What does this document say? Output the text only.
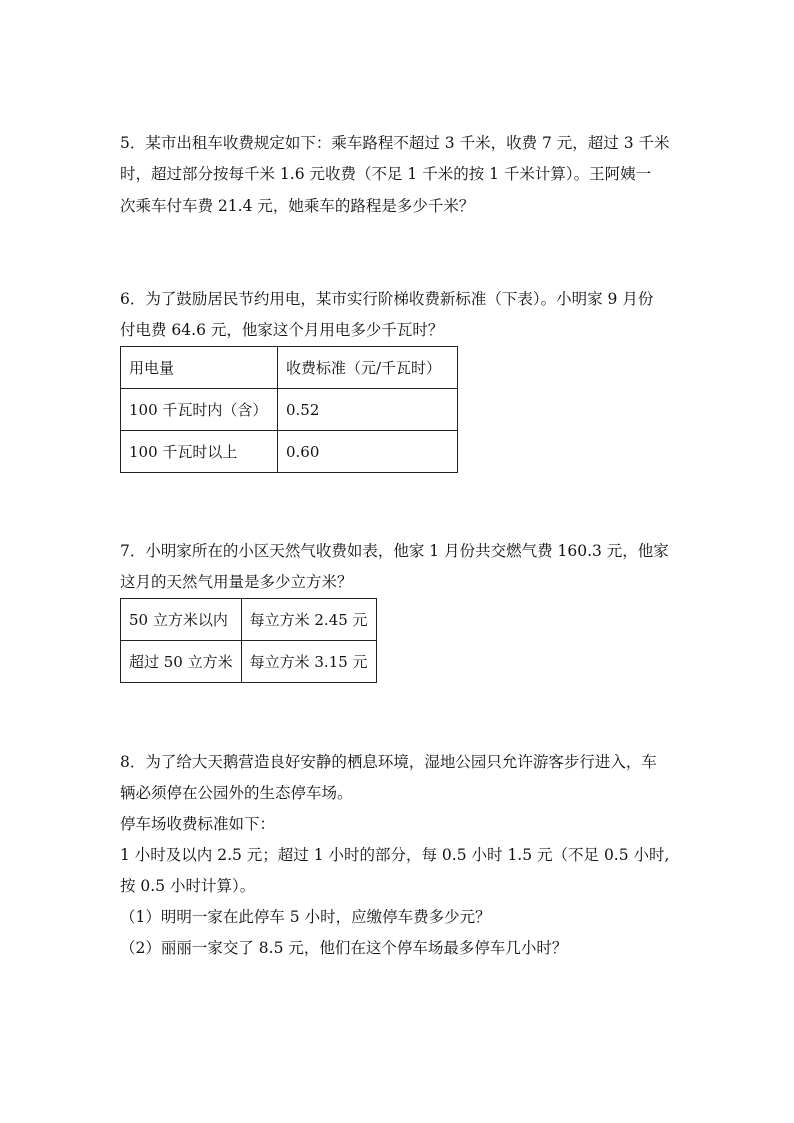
5．某市出租车收费规定如下：乘车路程不超过 3 千米，收费 7 元，超过 3 千米
时，超过部分按每千米 1.6 元收费（不足 1 千米的按 1 千米计算）。王阿姨一
次乘车付车费 21.4 元，她乘车的路程是多少千米？
6．为了鼓励居民节约用电，某市实行阶梯收费新标准（下表）。小明家 9 月份
付电费 64.6 元，他家这个月用电多少千瓦时？
用电量	收费标准（元/千瓦时）
100 千瓦时内（含）	0.52
100 千瓦时以上	0.60
7．小明家所在的小区天然气收费如表，他家 1 月份共交燃气费 160.3 元，他家
这月的天然气用量是多少立方米？
50 立方米以内	每立方米 2.45 元
超过 50 立方米	每立方米 3.15 元
8．为了给大天鹅营造良好安静的栖息环境，湿地公园只允许游客步行进入，车
辆必须停在公园外的生态停车场。
停车场收费标准如下：
1 小时及以内 2.5 元；超过 1 小时的部分，每 0.5 小时 1.5 元（不足 0.5 小时,
按 0.5 小时计算）。
（1）明明一家在此停车 5 小时，应缴停车费多少元？
（2）丽丽一家交了 8.5 元，他们在这个停车场最多停车几小时？
